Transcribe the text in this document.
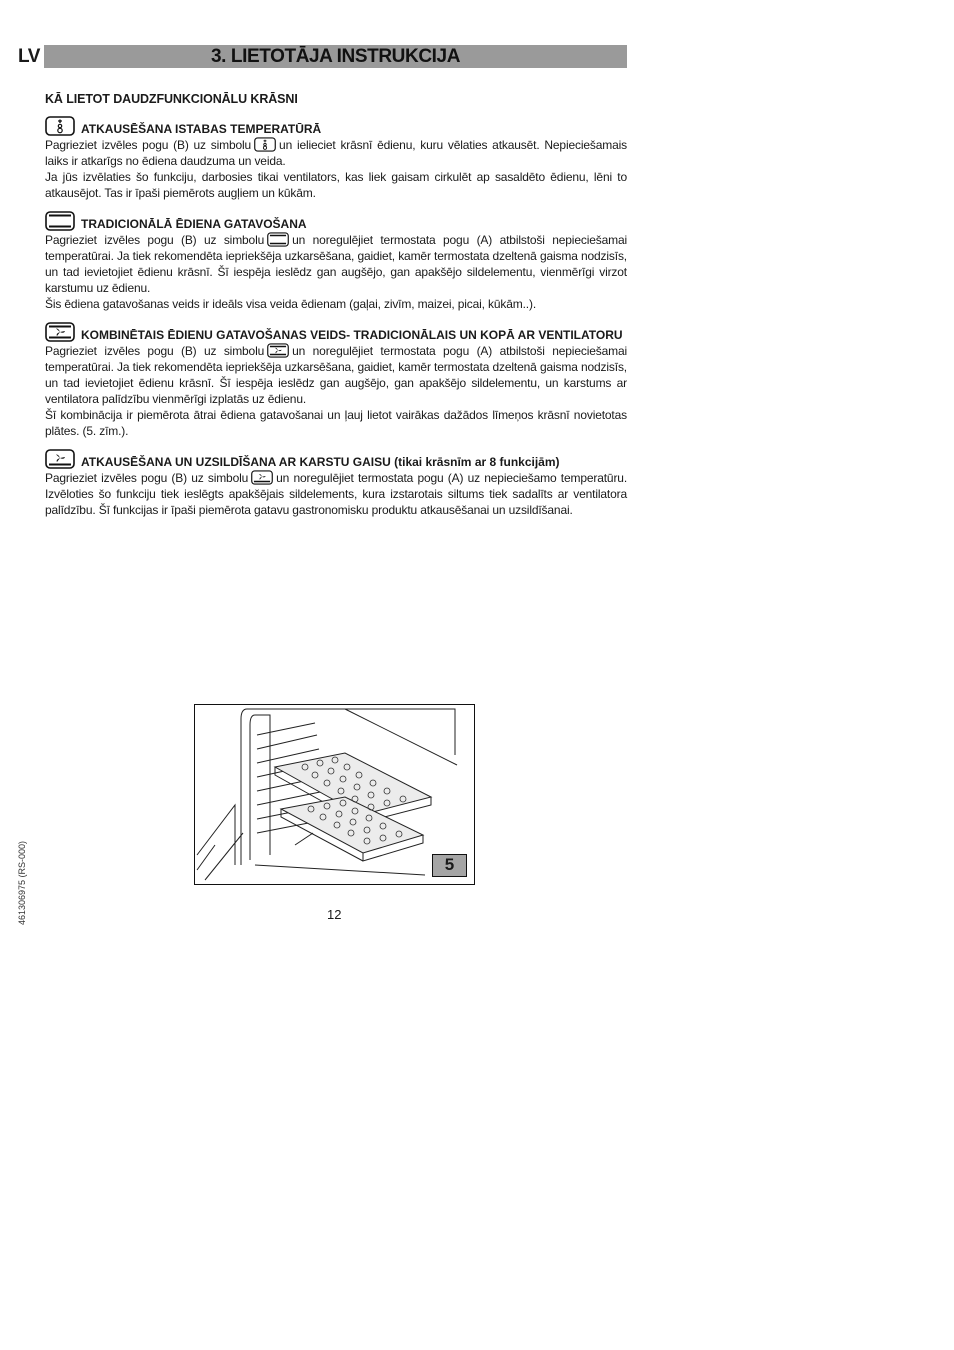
LV	3. LIETOTĀJA INSTRUKCIJA
KĀ LIETOT DAUDZFUNKCIONĀLU KRĀSNI
ATKAUSĒŠANA ISTABAS TEMPERATŪRĀ

Pagrieziet izvēles pogu (B) uz simbolu un ielieciet krāsnī ēdienu, kuru vēlaties atkausēt. Nepieciešamais laiks ir atkarīgs no ēdiena daudzuma un veida.

Ja jūs izvēlaties šo funkciju, darbosies tikai ventilators, kas liek gaisam cirkulēt ap sasaldēto ēdienu, lēni to atkausējot. Tas ir īpaši piemērots augļiem un kūkām.

TRADICIONĀLĀ ĒDIENA GATAVOŠANA

Pagrieziet izvēles pogu (B) uz simbolu un noregulējiet termostata pogu (A) atbilstoši nepieciešamai temperatūrai. Ja tiek rekomendēta iepriekšēja uzkarsēšana, gaidiet, kamēr termostata dzeltenā gaisma nodzisīs, un tad ievietojiet ēdienu krāsnī. Šī iespēja ieslēdz gan augšējo, gan apakšējo sildelementu, vienmērīgi virzot karstumu uz ēdienu.

Šis ēdiena gatavošanas veids ir ideāls visa veida ēdienam (gaļai, zivīm, maizei, picai, kūkām..).

KOMBINĒTAIS ĒDIENU GATAVOŠANAS VEIDS- TRADICIONĀLAIS UN KOPĀ AR VENTILATORU

Pagrieziet izvēles pogu (B) uz simbolu un noregulējiet termostata pogu (A) atbilstoši nepieciešamai temperatūrai. Ja tiek rekomendēta iepriekšēja uzkarsēšana, gaidiet, kamēr termostata dzeltenā gaisma nodzisīs, un tad ievietojiet ēdienu krāsnī. Šī iespēja ieslēdz gan augšējo, gan apakšējo sildelementu, un karstums ar ventilatora palīdzību vienmērīgi izplatās uz ēdienu.

Šī kombinācija ir piemērota ātrai ēdiena gatavošanai un ļauj lietot vairākas dažādos līmeņos krāsnī novietotas plātes. (5. zīm.).

ATKAUSĒŠANA UN UZSILDĪŠANA AR KARSTU GAISU (tikai krāsnīm ar 8 funkcijām)

Pagrieziet izvēles pogu (B) uz simbolu un noregulējiet termostata pogu (A) uz nepieciešamo temperatūru. Izvēloties šo funkciju tiek ieslēgts apakšējais sildelements, kura izstarotais siltums tiek sadalīts ar ventilatora palīdzību. Šī funkcijas ir īpaši piemērota gatavu gastronomisku produktu atkausēšanai un uzsildīšanai.

5
12
461306975 (RS-000)
